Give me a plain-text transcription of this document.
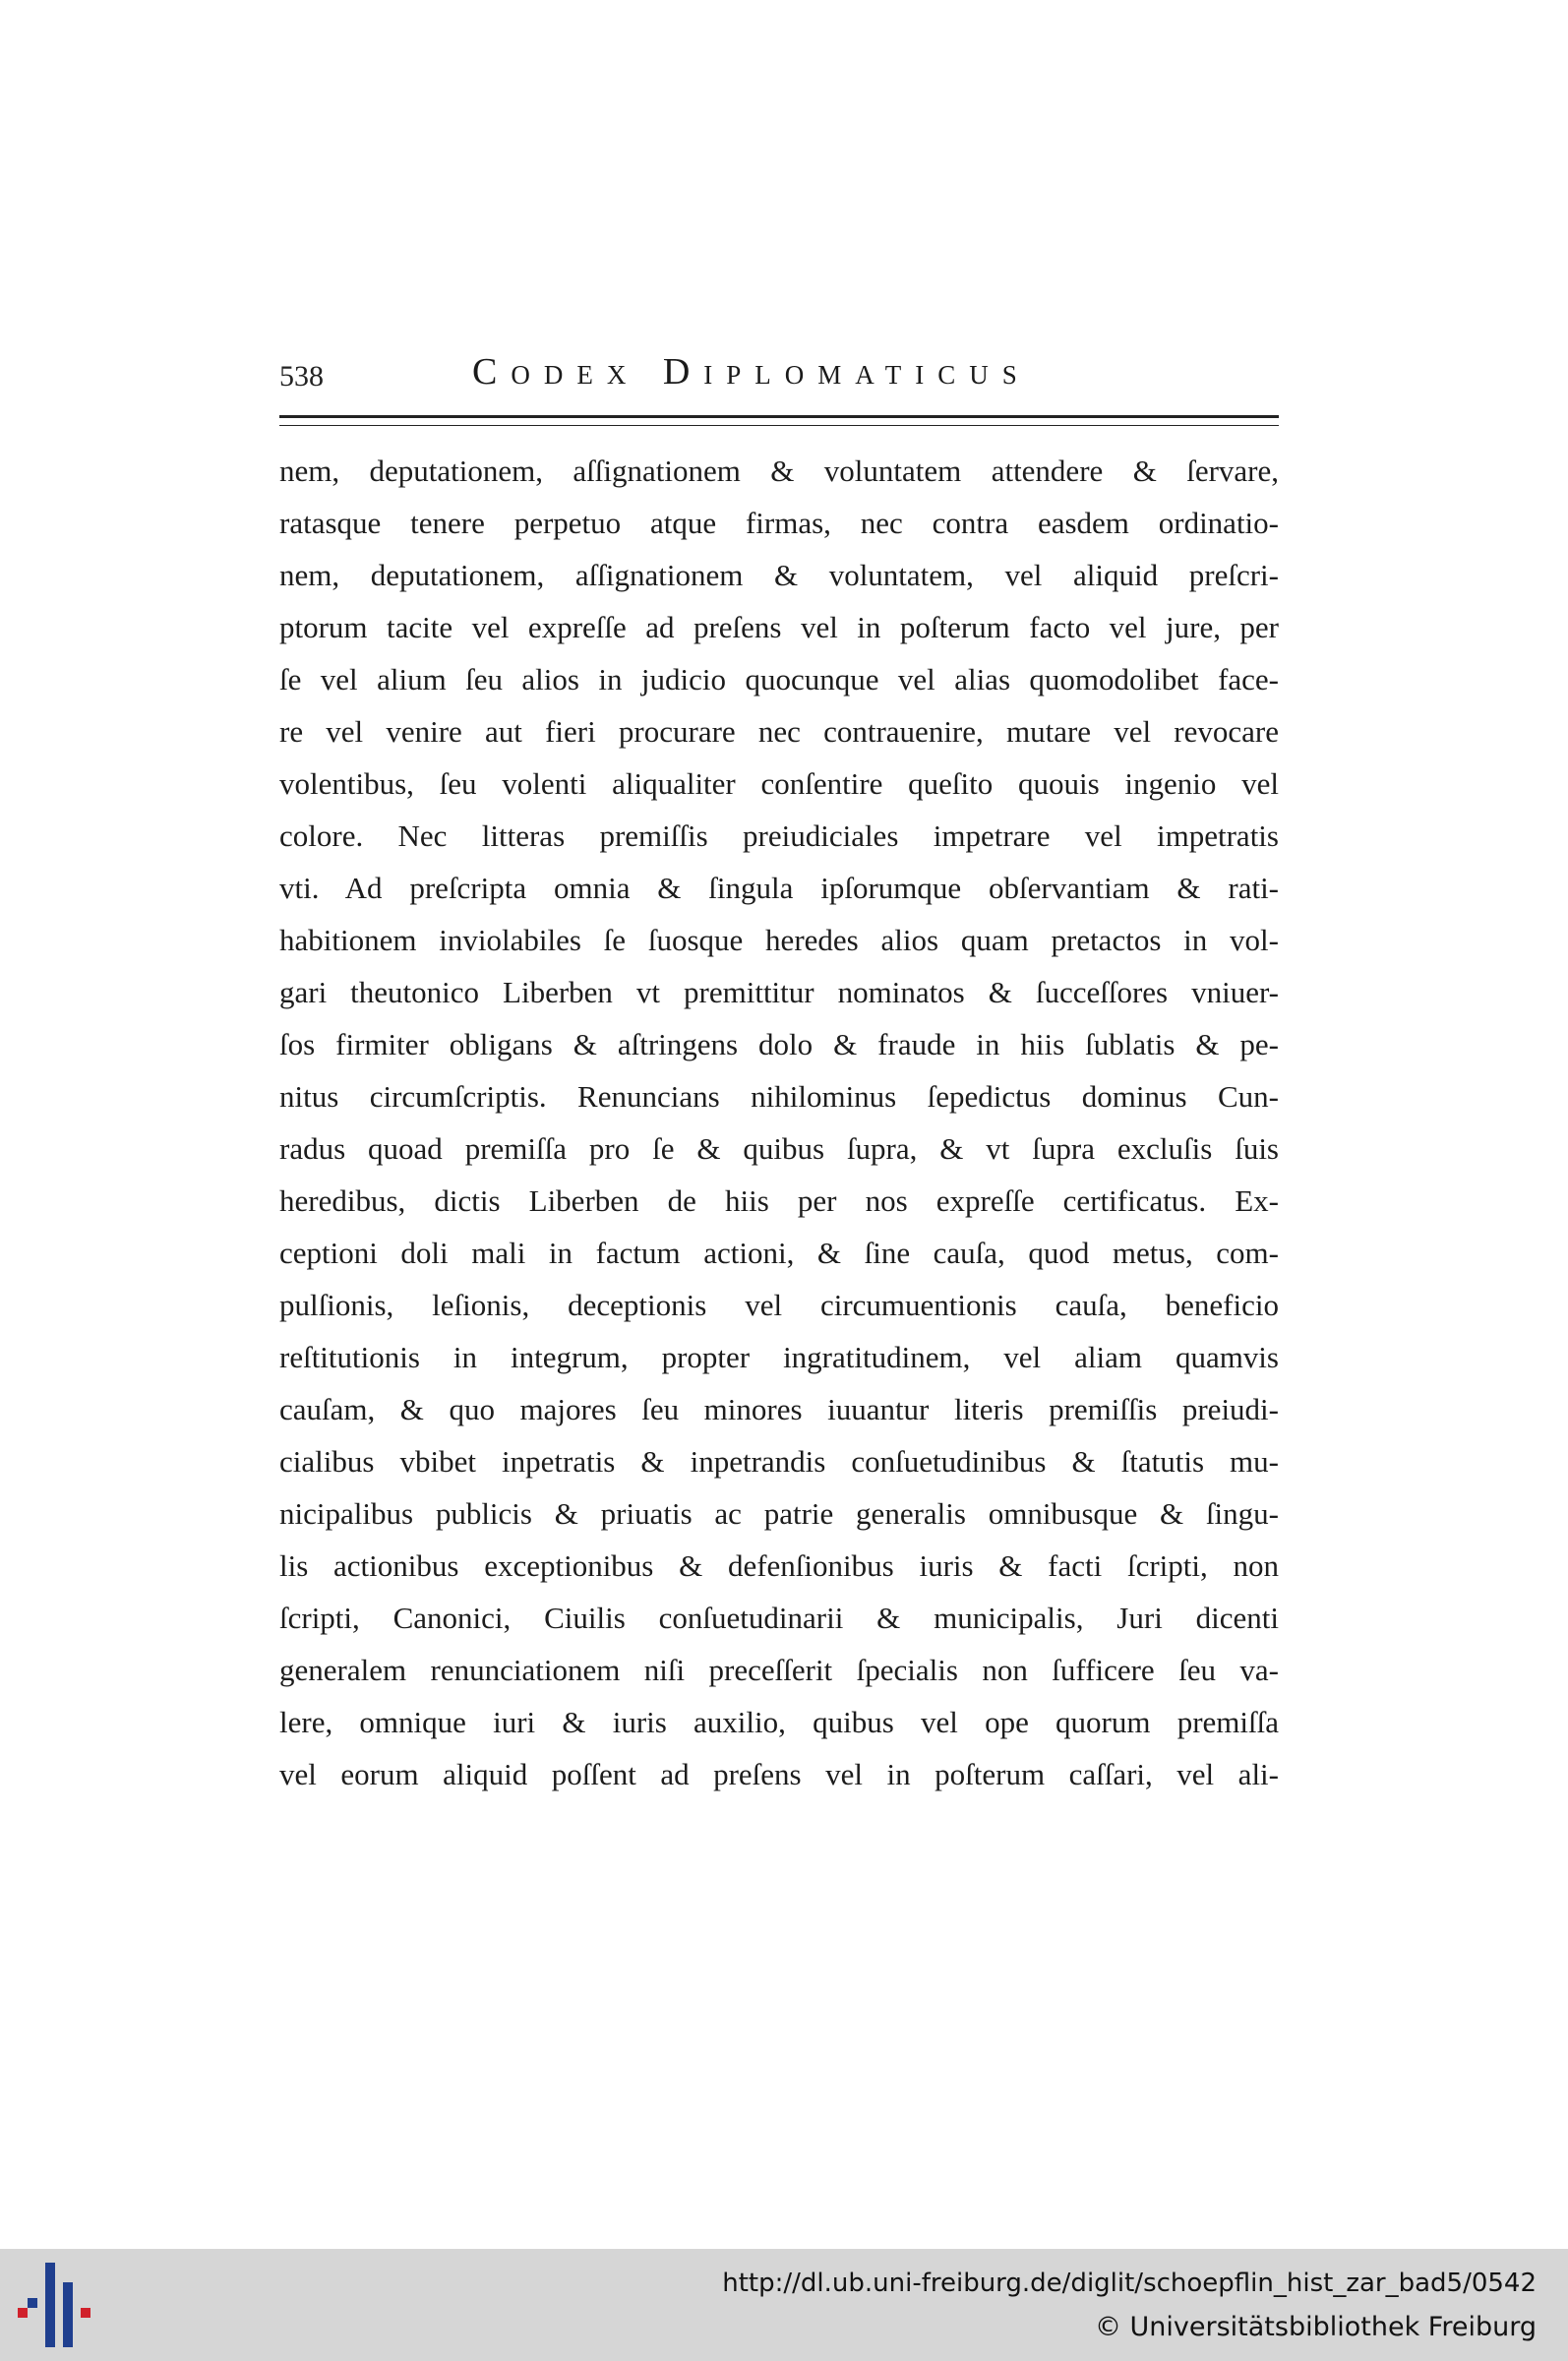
538	Codex Diplomaticus
nem, deputationem, aſſignationem & voluntatem attendere & ſervare,
ratasque tenere perpetuo atque firmas, nec contra easdem ordinatio-
nem, deputationem, aſſignationem & voluntatem, vel aliquid preſcri-
ptorum tacite vel expreſſe ad preſens vel in poſterum facto vel jure, per
ſe vel alium ſeu alios in judicio quocunque vel alias quomodolibet face-
re vel venire aut fieri procurare nec contrauenire, mutare vel revocare
volentibus, ſeu volenti aliqualiter conſentire queſito quouis ingenio vel
colore. Nec litteras premiſſis preiudiciales impetrare vel impetratis
vti. Ad preſcripta omnia & ſingula ipſorumque obſervantiam & rati-
habitionem inviolabiles ſe ſuosque heredes alios quam pretactos in vol-
gari theutonico Liberben vt premittitur nominatos & ſucceſſores vniuer-
ſos firmiter obligans & aſtringens dolo & fraude in hiis ſublatis & pe-
nitus circumſcriptis. Renuncians nihilominus ſepedictus dominus Cun-
radus quoad premiſſa pro ſe & quibus ſupra, & vt ſupra excluſis ſuis
heredibus, dictis Liberben de hiis per nos expreſſe certificatus. Ex-
ceptioni doli mali in factum actioni, & ſine cauſa, quod metus, com-
pulſionis, leſionis, deceptionis vel circumuentionis cauſa, beneficio
reſtitutionis in integrum, propter ingratitudinem, vel aliam quamvis
cauſam, & quo majores ſeu minores iuuantur literis premiſſis preiudi-
cialibus vbibet inpetratis & inpetrandis conſuetudinibus & ſtatutis mu-
nicipalibus publicis & priuatis ac patrie generalis omnibusque & ſingu-
lis actionibus exceptionibus & defenſionibus iuris & facti ſcripti, non
ſcripti, Canonici, Ciuilis conſuetudinarii & municipalis, Juri dicenti
generalem renunciationem niſi preceſſerit ſpecialis non ſufficere ſeu va-
lere, omnique iuri & iuris auxilio, quibus vel ope quorum premiſſa
vel eorum aliquid poſſent ad preſens vel in poſterum caſſari, vel ali-
http://dl.ub.uni-freiburg.de/diglit/schoepflin_hist_zar_bad5/0542
© Universitätsbibliothek Freiburg
